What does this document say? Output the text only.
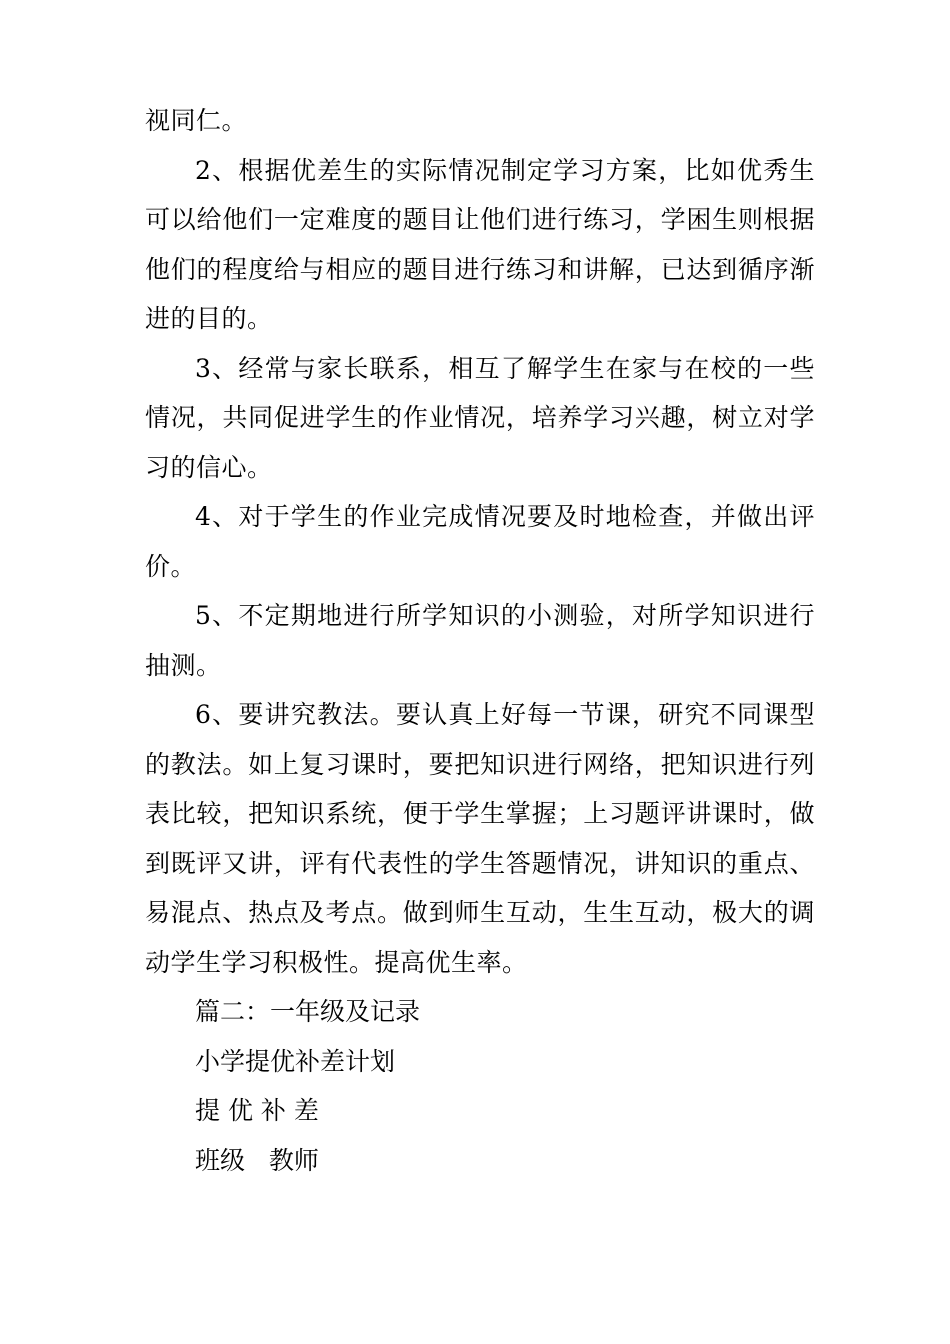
视同仁。

2、根据优差生的实际情况制定学习方案，比如优秀生可以给他们一定难度的题目让他们进行练习，学困生则根据他们的程度给与相应的题目进行练习和讲解，已达到循序渐进的目的。

3、经常与家长联系，相互了解学生在家与在校的一些情况，共同促进学生的作业情况，培养学习兴趣，树立对学习的信心。

4、对于学生的作业完成情况要及时地检查，并做出评价。

5、不定期地进行所学知识的小测验，对所学知识进行抽测。

6、要讲究教法。要认真上好每一节课，研究不同课型的教法。如上复习课时，要把知识进行网络，把知识进行列表比较，把知识系统，便于学生掌握；上习题评讲课时，做到既评又讲，评有代表性的学生答题情况，讲知识的重点、易混点、热点及考点。做到师生互动，生生互动，极大的调动学生学习积极性。提高优生率。

篇二：一年级及记录

小学提优补差计划

提 优 补 差

班级   教师
